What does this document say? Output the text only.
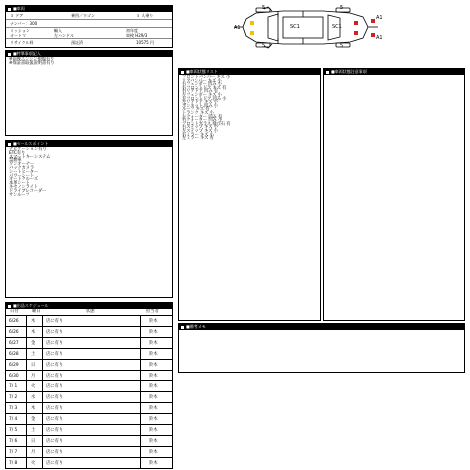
■車両
５ ドア	乗用／ワゴン	５ 人乗り
ナンバー：300
ミッション	輸入	初年度
オートマ	左ハンドル	車検 H29/3
リサイクル料	預託済	10575 円
A1
5	5
A1
SC1	SC1
5	5
A1
■特筆事項記入
※前後エンジン損傷有り
※保証書取扱説明書有り
■セールスポイント
ナビゲーション有り
ETC有り
スマートキーシステム
禁煙車
ワンオーナー
バックカメラ
シートヒーター
パワーシート
オートクルーズ
本革シート
キセノンライト
ドライブレコーダー
サンルーフ
■車両状態リスト
フロントバンパー キズ 小
リアバンパー キズ 小
右フェンダー 凹み 小
右フロントドア キズ 有
右リアドア 凹み 有
左フェンダー キズ 小
左フロントドア 凹み 小
左リアドア キズ 小
ボンネット 凹み 小
ルーフ キズ 有
トランク キズ 小
左クォーター 凹み 有
右クォーター 凹み 小
フロントガラス 飛び石 有
右ステップ キズ 小
左ステップ キズ 小
右ミラー キズ 小
左ミラー キズ 有
■車両状態注意事項
■出品スケジュール
日付	曜日	状態	担当者
6/26	木 店に有り	鈴木
6/26	木 店に有り	鈴木
6/27	金 店に有り	鈴木
6/28	土 店に有り	鈴木
6/29	日 店に有り	鈴木
6/30	月 店に有り	鈴木
7/ 1	火 店に有り	鈴木
7/ 2	水 店に有り	鈴木
7/ 3	木 店に有り	鈴木
7/ 4	金 店に有り	鈴木
7/ 5	土 店に有り	鈴木
7/ 6	日 店に有り	鈴木
7/ 7	月 店に有り	鈴木
7/ 8	火 店に有り	鈴木
■備考メモ
